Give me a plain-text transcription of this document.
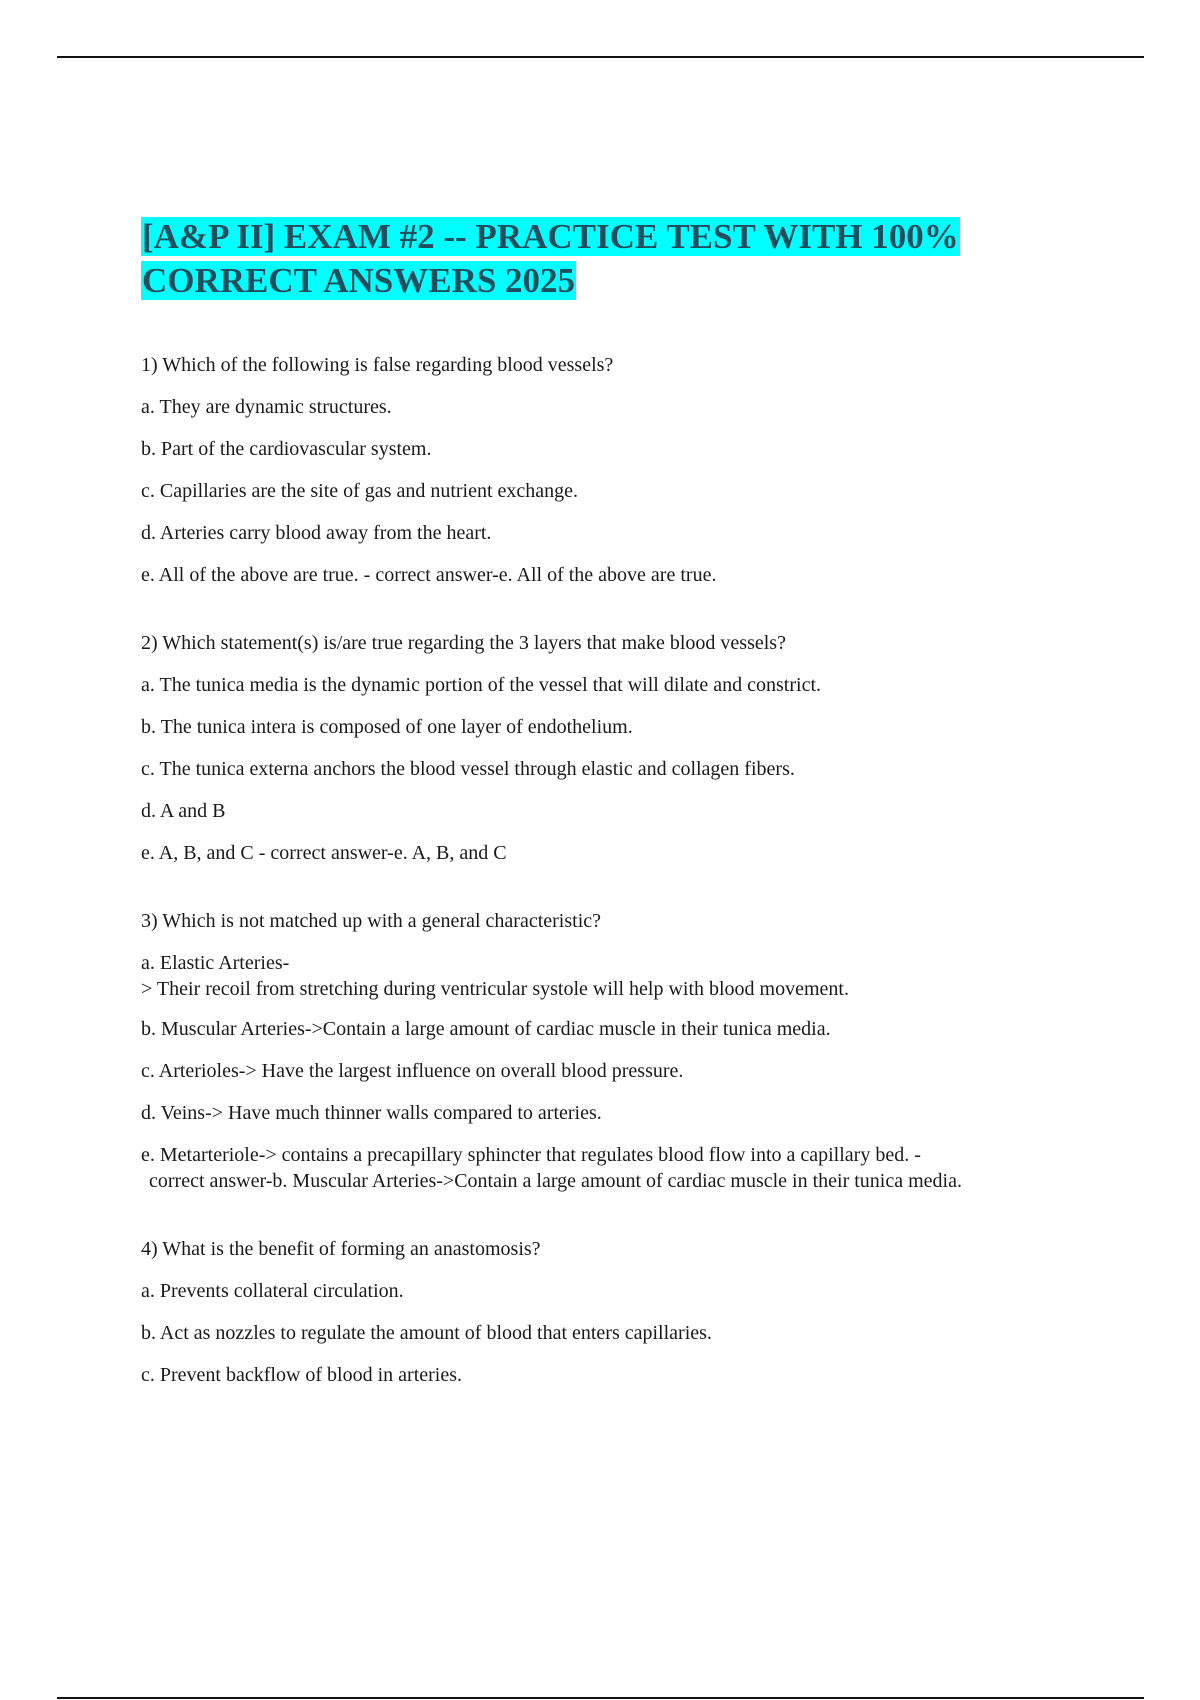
[A&P II] EXAM #2 -- PRACTICE TEST WITH 100%
CORRECT ANSWERS 2025
1) Which of the following is false regarding blood vessels?
a. They are dynamic structures.
b. Part of the cardiovascular system.
c. Capillaries are the site of gas and nutrient exchange.
d. Arteries carry blood away from the heart.
e. All of the above are true. - correct answer-e. All of the above are true.
2) Which statement(s) is/are true regarding the 3 layers that make blood vessels?
a. The tunica media is the dynamic portion of the vessel that will dilate and constrict.
b. The tunica intera is composed of one layer of endothelium.
c. The tunica externa anchors the blood vessel through elastic and collagen fibers.
d. A and B
e. A, B, and C - correct answer-e. A, B, and C
3) Which is not matched up with a general characteristic?
a. Elastic Arteries-
> Their recoil from stretching during ventricular systole will help with blood movement.
b. Muscular Arteries->Contain a large amount of cardiac muscle in their tunica media.
c. Arterioles-> Have the largest influence on overall blood pressure.
d. Veins-> Have much thinner walls compared to arteries.
e. Metarteriole-> contains a precapillary sphincter that regulates blood flow into a capillary bed. -
correct answer-b. Muscular Arteries->Contain a large amount of cardiac muscle in their tunica media.
4) What is the benefit of forming an anastomosis?
a. Prevents collateral circulation.
b. Act as nozzles to regulate the amount of blood that enters capillaries.
c. Prevent backflow of blood in arteries.
